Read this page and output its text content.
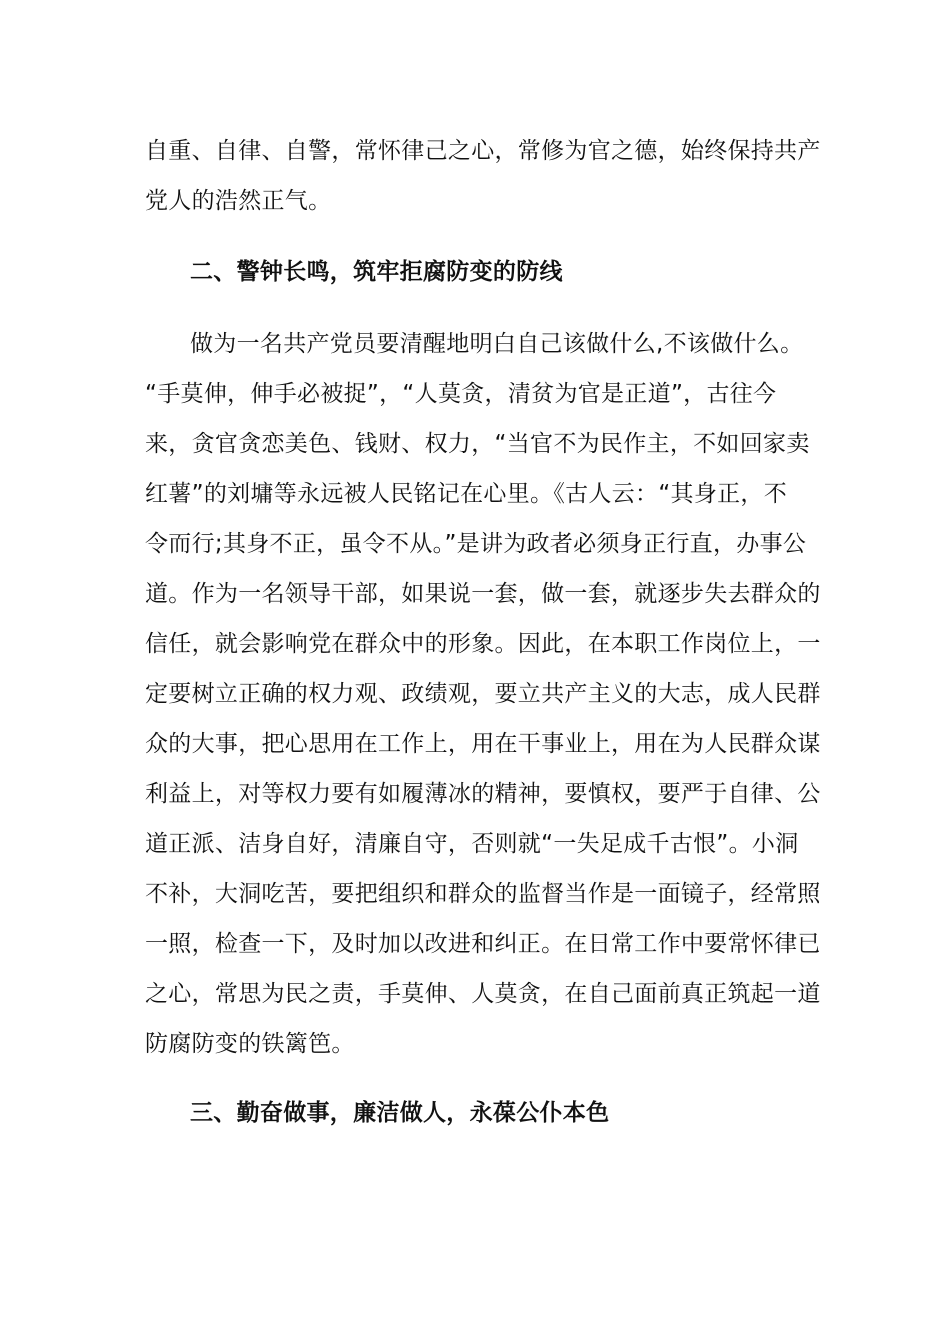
自重、自律、自警，常怀律己之心，常修为官之德，始终保持共产
党人的浩然正气。
二、警钟长鸣，筑牢拒腐防变的防线
做为一名共产党员要清醒地明白自己该做什么,不该做什么。
“手莫伸，伸手必被捉”，“人莫贪，清贫为官是正道”，古往今
来，贪官贪恋美色、钱财、权力，“当官不为民作主，不如回家卖
红薯”的刘墉等永远被人民铭记在心里。《古人云：“其身正，不
令而行;其身不正，虽令不从。”是讲为政者必须身正行直，办事公
道。作为一名领导干部，如果说一套，做一套，就逐步失去群众的
信任，就会影响党在群众中的形象。因此，在本职工作岗位上，一
定要树立正确的权力观、政绩观，要立共产主义的大志，成人民群
众的大事，把心思用在工作上，用在干事业上，用在为人民群众谋
利益上，对等权力要有如履薄冰的精神，要慎权，要严于自律、公
道正派、洁身自好，清廉自守，否则就“一失足成千古恨”。小洞
不补，大洞吃苦，要把组织和群众的监督当作是一面镜子，经常照
一照，检查一下，及时加以改进和纠正。在日常工作中要常怀律已
之心，常思为民之责，手莫伸、人莫贪，在自己面前真正筑起一道
防腐防变的铁篱笆。
三、勤奋做事，廉洁做人，永葆公仆本色
